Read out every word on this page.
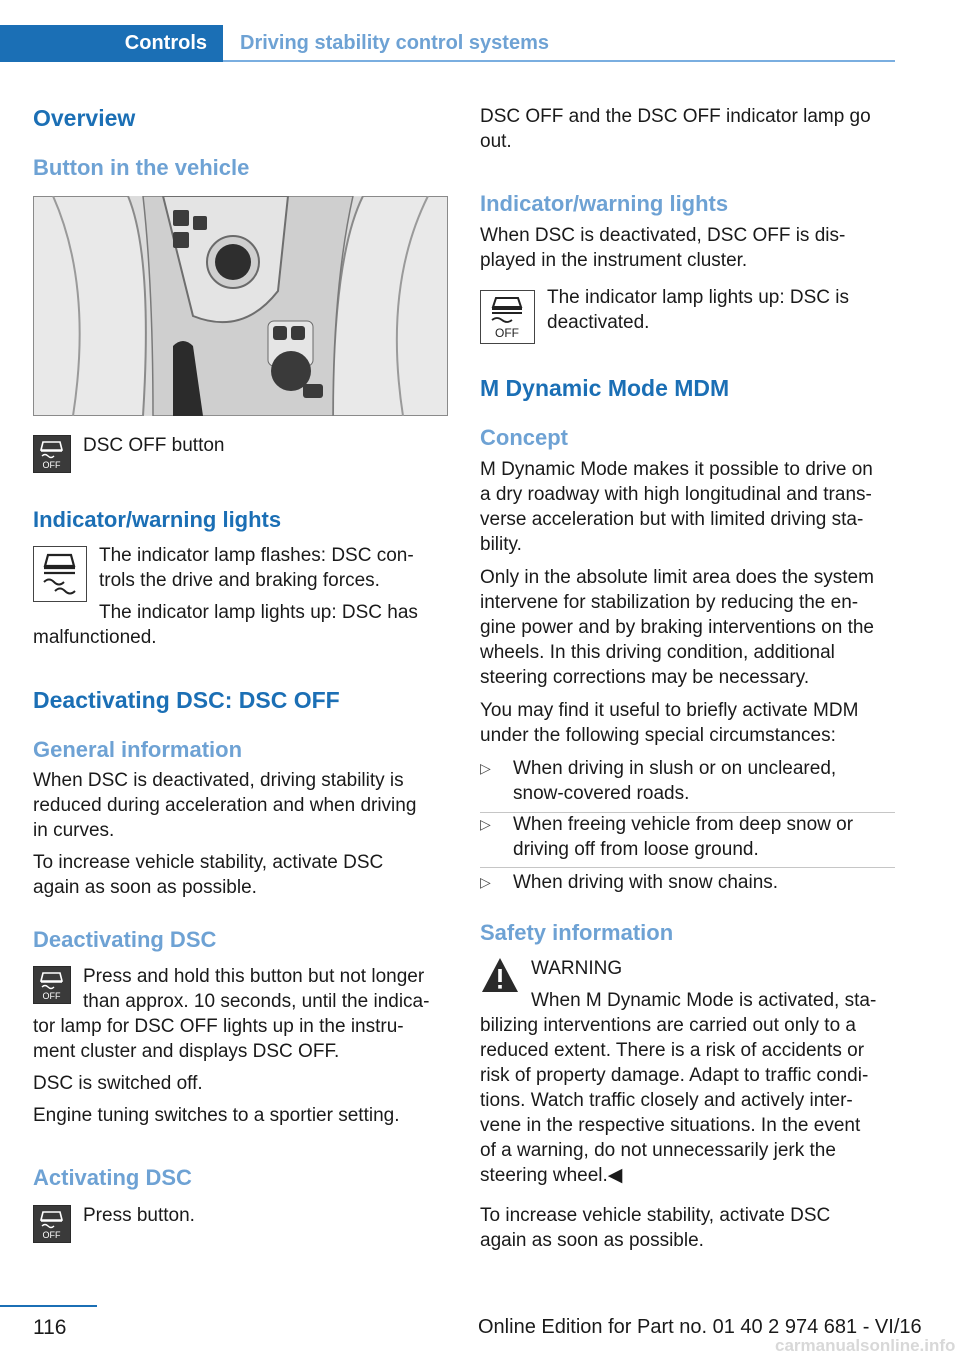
Controls	Driving stability control systems
Overview
Button in the vehicle
OFF
DSC OFF button
Indicator/warning lights
The indicator lamp flashes: DSC con-
trols the drive and braking forces.
The indicator lamp lights up: DSC has
malfunctioned.
Deactivating DSC: DSC OFF
General information
When DSC is deactivated, driving stability is
reduced during acceleration and when driving
in curves.
To increase vehicle stability, activate DSC
again as soon as possible.
Deactivating DSC
OFF
Press and hold this button but not longer
than approx. 10 seconds, until the indica-
tor lamp for DSC OFF lights up in the instru-
ment cluster and displays DSC OFF.
DSC is switched off.
Engine tuning switches to a sportier setting.
Activating DSC
OFF
Press button.
DSC OFF and the DSC OFF indicator lamp go
out.
Indicator/warning lights
When DSC is deactivated, DSC OFF is dis-
played in the instrument cluster.
OFF
The indicator lamp lights up: DSC is
deactivated.
M Dynamic Mode MDM
Concept
M Dynamic Mode makes it possible to drive on
a dry roadway with high longitudinal and trans-
verse acceleration but with limited driving sta-
bility.
Only in the absolute limit area does the system
intervene for stabilization by reducing the en-
gine power and by braking interventions on the
wheels. In this driving condition, additional
steering corrections may be necessary.
You may find it useful to briefly activate MDM
under the following special circumstances:
▷ When driving in slush or on uncleared,
snow-covered roads.
▷ When freeing vehicle from deep snow or
driving off from loose ground.
▷ When driving with snow chains.
Safety information
WARNING
When M Dynamic Mode is activated, sta-
bilizing interventions are carried out only to a
reduced extent. There is a risk of accidents or
risk of property damage. Adapt to traffic condi-
tions. Watch traffic closely and actively inter-
vene in the respective situations. In the event
of a warning, do not unnecessarily jerk the
steering wheel.◀
To increase vehicle stability, activate DSC
again as soon as possible.
116	Online Edition for Part no. 01 40 2 974 681 - VI/16
carmanualsonline.info
